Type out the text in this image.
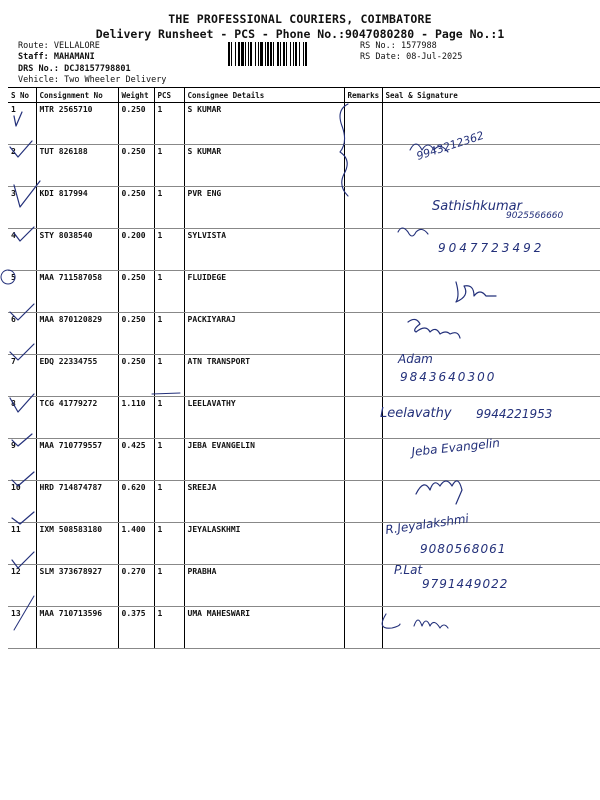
THE PROFESSIONAL COURIERS, COIMBATORE
Delivery Runsheet - PCS - Phone No.:9047080280 - Page No.:1
Route: VELLALORE
Staff: MAHAMANI
DRS No.: DCJ8157798801
Vehicle: Two Wheeler Delivery
RS No.: 1577988
RS Date: 08-Jul-2025
S No	Consignment No	Weight	PCS	Consignee Details	Remarks	Seal & Signature
1	MTR 2565710	0.250	1	S KUMAR		
2	TUT 826188	0.250	1	S KUMAR		
3	KDI 817994	0.250	1	PVR ENG		
4	STY 8038540	0.200	1	SYLVISTA		
5	MAA 711587058	0.250	1	FLUIDEGE		
6	MAA 870120829	0.250	1	PACKIYARAJ		
7	EDQ 22334755	0.250	1	ATN TRANSPORT		
8	TCG 41779272	1.110	1	LEELAVATHY		
9	MAA 710779557	0.425	1	JEBA EVANGELIN		
10	HRD 714874787	0.620	1	SREEJA		
11	IXM 508583180	1.400	1	JEYALASKHMI		
12	SLM 373678927	0.270	1	PRABHA		
13	MAA 710713596	0.375	1	UMA MAHESWARI		
9943212362
Sathishkumar
9025566660
9047723492
Adam
9843640300
Leelavathy 9944221953
Jeba Evangelin
R.Jeyalakshmi
9080568061
P.Lat
9791449022
